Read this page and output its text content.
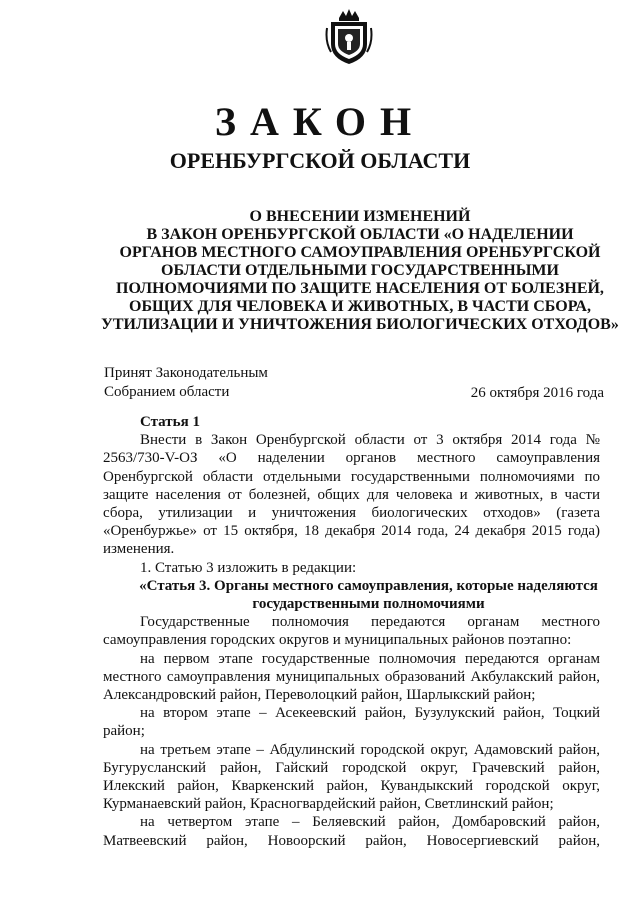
ЗАКОН
ОРЕНБУРГСКОЙ ОБЛАСТИ
О ВНЕСЕНИИ ИЗМЕНЕНИЙ
В ЗАКОН ОРЕНБУРГСКОЙ ОБЛАСТИ «О НАДЕЛЕНИИ
ОРГАНОВ МЕСТНОГО САМОУПРАВЛЕНИЯ ОРЕНБУРГСКОЙ
ОБЛАСТИ ОТДЕЛЬНЫМИ ГОСУДАРСТВЕННЫМИ
ПОЛНОМОЧИЯМИ ПО ЗАЩИТЕ НАСЕЛЕНИЯ ОТ БОЛЕЗНЕЙ,
ОБЩИХ ДЛЯ ЧЕЛОВЕКА И ЖИВОТНЫХ, В ЧАСТИ СБОРА,
УТИЛИЗАЦИИ И УНИЧТОЖЕНИЯ БИОЛОГИЧЕСКИХ ОТХОДОВ»
Принят Законодательным
Собранием области	26 октября 2016 года

Статья 1

Внести в Закон Оренбургской области от 3 октября 2014 года № 2563/730-V-ОЗ «О наделении органов местного самоуправления Оренбургской области отдельными государственными полномочиями по защите населения от болезней, общих для человека и животных, в части сбора, утилизации и уничтожения биологических отходов» (газета «Оренбуржье» от 15 октября, 18 декабря 2014 года, 24 декабря 2015 года) изменения.

1. Статью 3 изложить в редакции:

«Статья 3. Органы местного самоуправления, которые наделяются государственными полномочиями

Государственные полномочия передаются органам местного самоуправления городских округов и муниципальных районов поэтапно:

на первом этапе государственные полномочия передаются органам местного самоуправления муниципальных образований Акбулакский район, Александровский район, Переволоцкий район, Шарлыкский район;

на втором этапе – Асекеевский район, Бузулукский район, Тоцкий район;

на третьем этапе – Абдулинский городской округ, Адамовский район, Бугурусланский район, Гайский городской округ, Грачевский район, Илекский район, Кваркенский район, Кувандыкский городской округ, Курманаевский район, Красногвардейский район, Светлинский район;

на четвертом этапе – Беляевский район, Домбаровский район, Матвеевский район, Новоорский район, Новосергиевский район,
